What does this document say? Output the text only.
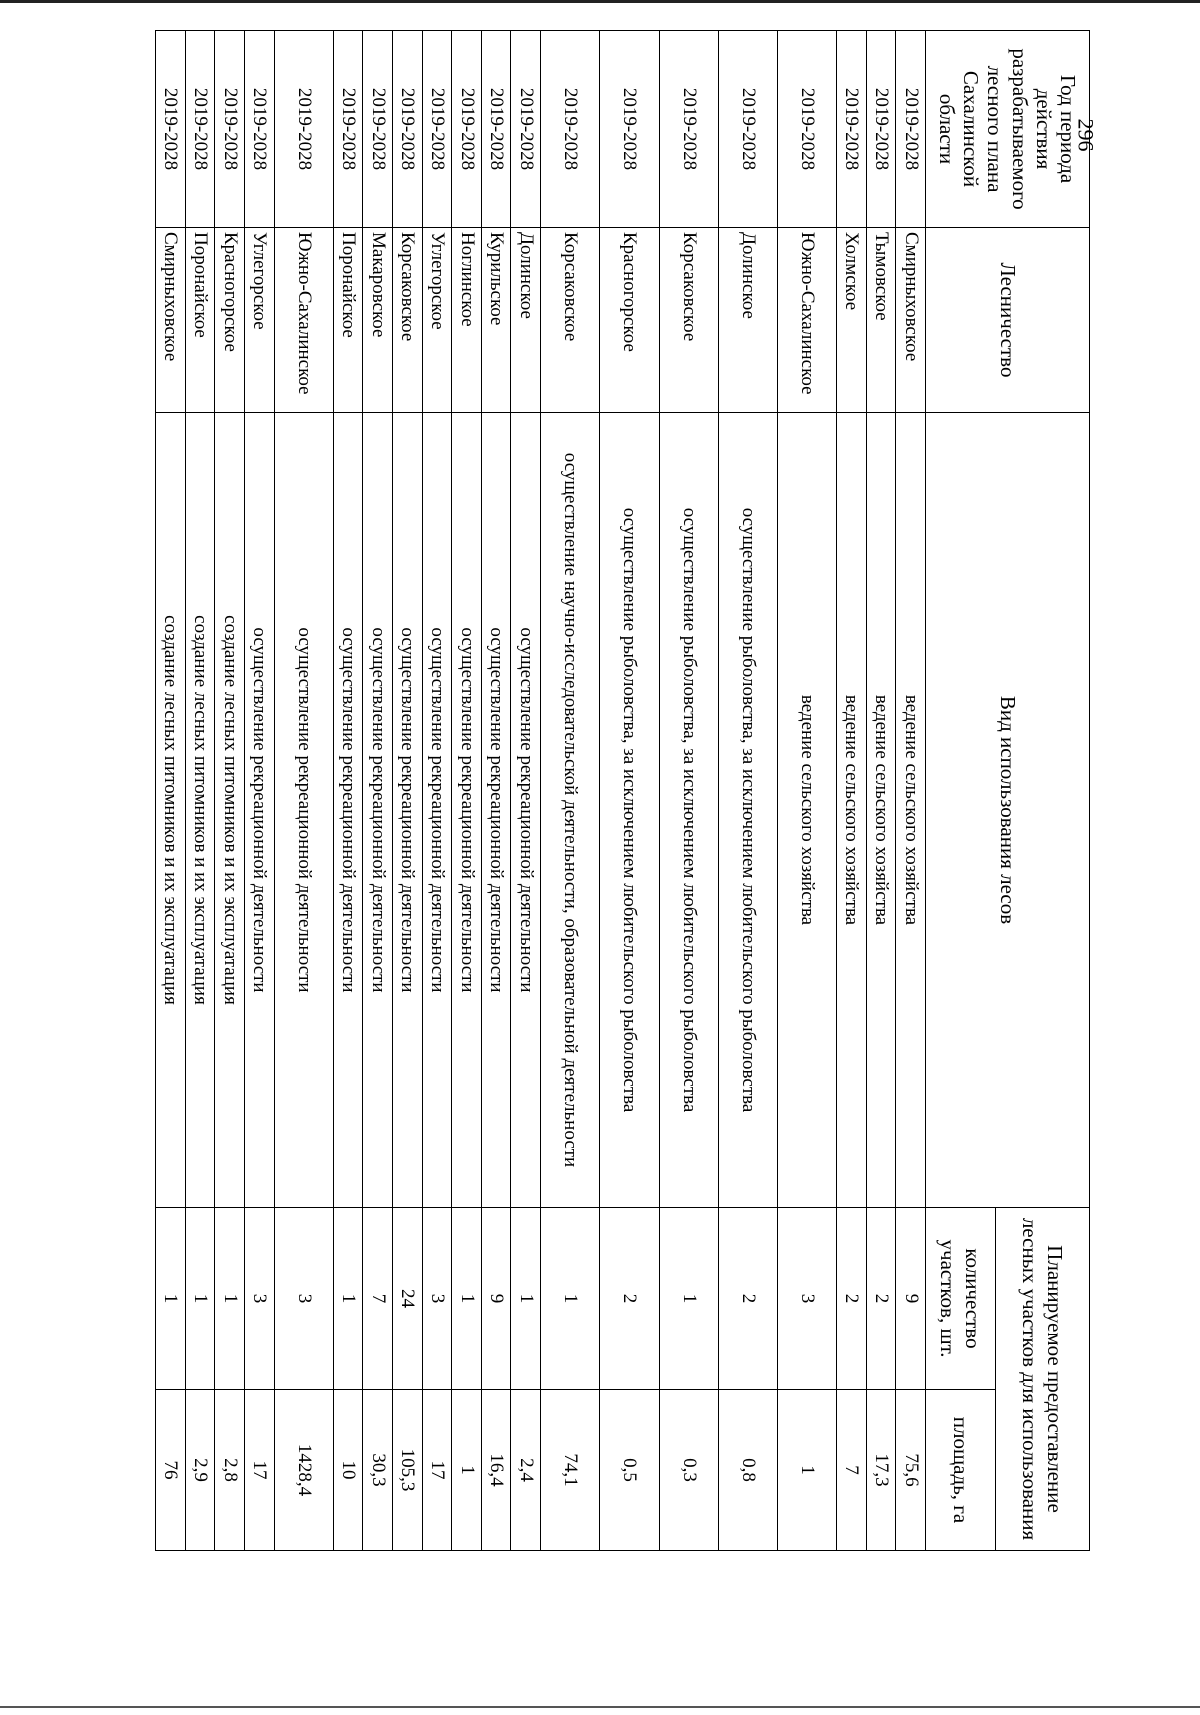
296
Год периода действия разрабатываемого лесного плана Сахалинской области	Лесничество	Вид использования лесов	Планируемое предоставление лесных участков для использования	
			количество участков, шт.	площадь, га
2019-2028	Смирныховское	ведение сельского хозяйства	9	75,6
2019-2028	Тымовское	ведение сельского хозяйства	2	17,3
2019-2028	Холмское	ведение сельского хозяйства	2	7
2019-2028	Южно-Сахалинское	ведение сельского хозяйства	3	1
2019-2028	Долинское	осуществление рыболовства, за исключением любительского рыболовства	2	0,8
2019-2028	Корсаковское	осуществление рыболовства, за исключением любительского рыболовства	1	0,3
2019-2028	Красногорское	осуществление рыболовства, за исключением любительского рыболовства	2	0,5
2019-2028	Корсаковское	осуществление научно-исследовательской деятельности, образовательной деятельности	1	74,1
2019-2028	Долинское	осуществление рекреационной деятельности	1	2,4
2019-2028	Курильское	осуществление рекреационной деятельности	9	16,4
2019-2028	Ноглинское	осуществление рекреационной деятельности	1	1
2019-2028	Углегорское	осуществление рекреационной деятельности	3	17
2019-2028	Корсаковское	осуществление рекреационной деятельности	24	105,3
2019-2028	Макаровское	осуществление рекреационной деятельности	7	30,3
2019-2028	Поронайское	осуществление рекреационной деятельности	1	10
2019-2028	Южно-Сахалинское	осуществление рекреационной деятельности	3	1428,4
2019-2028	Углегорское	осуществление рекреационной деятельности	3	17
2019-2028	Красногорское	создание лесных питомников и их эксплуатация	1	2,8
2019-2028	Поронайское	создание лесных питомников и их эксплуатация	1	2,9
2019-2028	Смирныховское	создание лесных питомников и их эксплуатация	1	76
